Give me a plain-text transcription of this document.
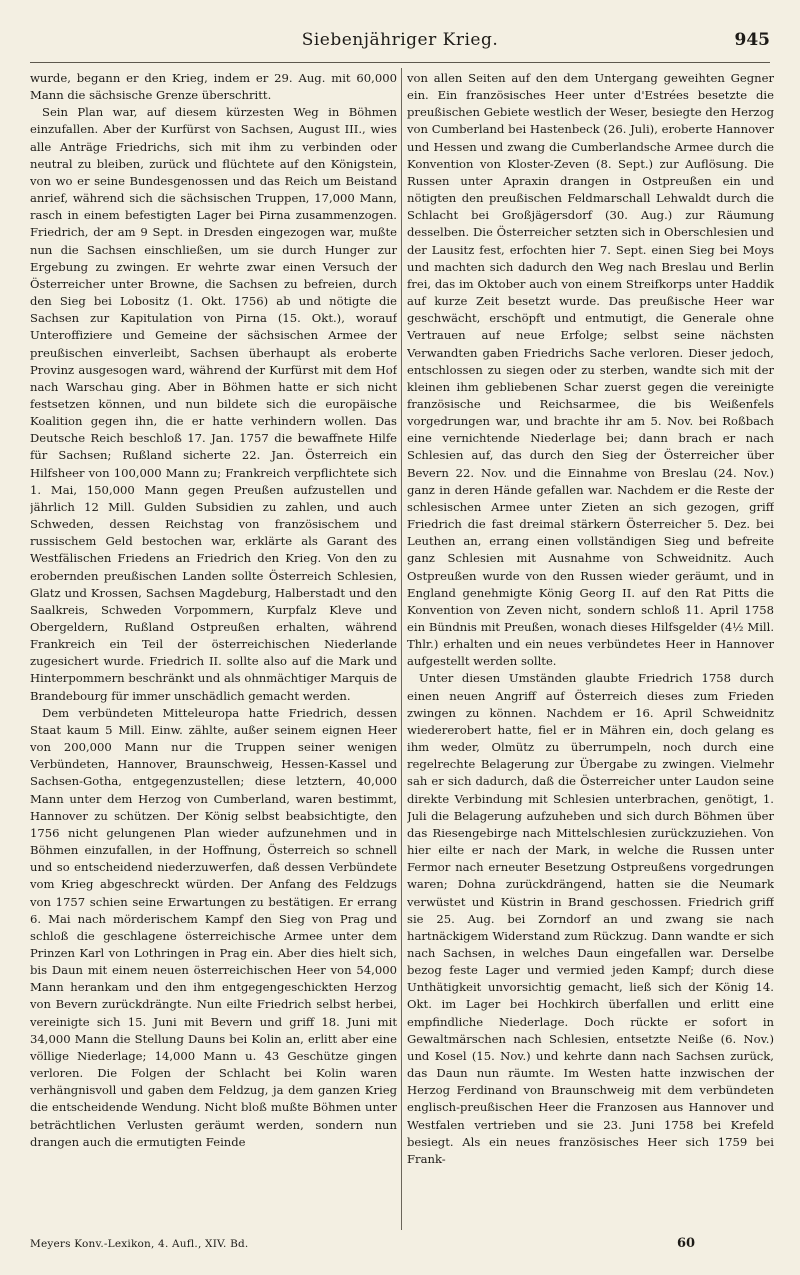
Siebenjähriger Krieg.	945

wurde, begann er den Krieg, indem er 29. Aug. mit 60,000 Mann die sächsische Grenze überschritt.

Sein Plan war, auf diesem kürzesten Weg in Böhmen einzufallen. Aber der Kurfürst von Sachsen, August III., wies alle Anträge Friedrichs, sich mit ihm zu verbinden oder neutral zu bleiben, zurück und flüchtete auf den Königstein, von wo er seine Bundesgenossen und das Reich um Beistand anrief, während sich die sächsischen Truppen, 17,000 Mann, rasch in einem befestigten Lager bei Pirna zusammenzogen. Friedrich, der am 9 Sept. in Dresden eingezogen war, mußte nun die Sachsen einschließen, um sie durch Hunger zur Ergebung zu zwingen. Er wehrte zwar einen Versuch der Österreicher unter Browne, die Sachsen zu befreien, durch den Sieg bei Lobositz (1. Okt. 1756) ab und nötigte die Sachsen zur Kapitulation von Pirna (15. Okt.), worauf Unteroffiziere und Gemeine der sächsischen Armee der preußischen einverleibt, Sachsen überhaupt als eroberte Provinz ausgesogen ward, während der Kurfürst mit dem Hof nach Warschau ging. Aber in Böhmen hatte er sich nicht festsetzen können, und nun bildete sich die europäische Koalition gegen ihn, die er hatte verhindern wollen. Das Deutsche Reich beschloß 17. Jan. 1757 die bewaffnete Hilfe für Sachsen; Rußland sicherte 22. Jan. Österreich ein Hilfsheer von 100,000 Mann zu; Frankreich verpflichtete sich 1. Mai, 150,000 Mann gegen Preußen aufzustellen und jährlich 12 Mill. Gulden Subsidien zu zahlen, und auch Schweden, dessen Reichstag von französischem und russischem Geld bestochen war, erklärte als Garant des Westfälischen Friedens an Friedrich den Krieg. Von den zu erobernden preußischen Landen sollte Österreich Schlesien, Glatz und Krossen, Sachsen Magdeburg, Halberstadt und den Saalkreis, Schweden Vorpommern, Kurpfalz Kleve und Obergeldern, Rußland Ostpreußen erhalten, während Frankreich ein Teil der österreichischen Niederlande zugesichert wurde. Friedrich II. sollte also auf die Mark und Hinterpommern beschränkt und als ohnmächtiger Marquis de Brandebourg für immer unschädlich gemacht werden.

Dem verbündeten Mitteleuropa hatte Friedrich, dessen Staat kaum 5 Mill. Einw. zählte, außer seinem eignen Heer von 200,000 Mann nur die Truppen seiner wenigen Verbündeten, Hannover, Braunschweig, Hessen-Kassel und Sachsen-Gotha, entgegenzustellen; diese letztern, 40,000 Mann unter dem Herzog von Cumberland, waren bestimmt, Hannover zu schützen. Der König selbst beabsichtigte, den 1756 nicht gelungenen Plan wieder aufzunehmen und in Böhmen einzufallen, in der Hoffnung, Österreich so schnell und so entscheidend niederzuwerfen, daß dessen Verbündete vom Krieg abgeschreckt würden. Der Anfang des Feldzugs von 1757 schien seine Erwartungen zu bestätigen. Er errang 6. Mai nach mörderischem Kampf den Sieg von Prag und schloß die geschlagene österreichische Armee unter dem Prinzen Karl von Lothringen in Prag ein. Aber dies hielt sich, bis Daun mit einem neuen österreichischen Heer von 54,000 Mann herankam und den ihm entgegengeschickten Herzog von Bevern zurückdrängte. Nun eilte Friedrich selbst herbei, vereinigte sich 15. Juni mit Bevern und griff 18. Juni mit 34,000 Mann die Stellung Dauns bei Kolin an, erlitt aber eine völlige Niederlage; 14,000 Mann u. 43 Geschütze gingen verloren. Die Folgen der Schlacht bei Kolin waren verhängnisvoll und gaben dem Feldzug, ja dem ganzen Krieg die entscheidende Wendung. Nicht bloß mußte Böhmen unter beträchtlichen Verlusten geräumt werden, sondern nun drangen auch die ermutigten Feinde

von allen Seiten auf den dem Untergang geweihten Gegner ein. Ein französisches Heer unter d'Estrées besetzte die preußischen Gebiete westlich der Weser, besiegte den Herzog von Cumberland bei Hastenbeck (26. Juli), eroberte Hannover und Hessen und zwang die Cumberlandsche Armee durch die Konvention von Kloster-Zeven (8. Sept.) zur Auflösung. Die Russen unter Apraxin drangen in Ostpreußen ein und nötigten den preußischen Feldmarschall Lehwaldt durch die Schlacht bei Großjägersdorf (30. Aug.) zur Räumung desselben. Die Österreicher setzten sich in Oberschlesien und der Lausitz fest, erfochten hier 7. Sept. einen Sieg bei Moys und machten sich dadurch den Weg nach Breslau und Berlin frei, das im Oktober auch von einem Streifkorps unter Haddik auf kurze Zeit besetzt wurde. Das preußische Heer war geschwächt, erschöpft und entmutigt, die Generale ohne Vertrauen auf neue Erfolge; selbst seine nächsten Verwandten gaben Friedrichs Sache verloren. Dieser jedoch, entschlossen zu siegen oder zu sterben, wandte sich mit der kleinen ihm gebliebenen Schar zuerst gegen die vereinigte französische und Reichsarmee, die bis Weißenfels vorgedrungen war, und brachte ihr am 5. Nov. bei Roßbach eine vernichtende Niederlage bei; dann brach er nach Schlesien auf, das durch den Sieg der Österreicher über Bevern 22. Nov. und die Einnahme von Breslau (24. Nov.) ganz in deren Hände gefallen war. Nachdem er die Reste der schlesischen Armee unter Zieten an sich gezogen, griff Friedrich die fast dreimal stärkern Österreicher 5. Dez. bei Leuthen an, errang einen vollständigen Sieg und befreite ganz Schlesien mit Ausnahme von Schweidnitz. Auch Ostpreußen wurde von den Russen wieder geräumt, und in England genehmigte König Georg II. auf den Rat Pitts die Konvention von Zeven nicht, sondern schloß 11. April 1758 ein Bündnis mit Preußen, wonach dieses Hilfsgelder (4½ Mill. Thlr.) erhalten und ein neues verbündetes Heer in Hannover aufgestellt werden sollte.

Unter diesen Umständen glaubte Friedrich 1758 durch einen neuen Angriff auf Österreich dieses zum Frieden zwingen zu können. Nachdem er 16. April Schweidnitz wiedererobert hatte, fiel er in Mähren ein, doch gelang es ihm weder, Olmütz zu überrumpeln, noch durch eine regelrechte Belagerung zur Übergabe zu zwingen. Vielmehr sah er sich dadurch, daß die Österreicher unter Laudon seine direkte Verbindung mit Schlesien unterbrachen, genötigt, 1. Juli die Belagerung aufzuheben und sich durch Böhmen über das Riesengebirge nach Mittelschlesien zurückzuziehen. Von hier eilte er nach der Mark, in welche die Russen unter Fermor nach erneuter Besetzung Ostpreußens vorgedrungen waren; Dohna zurückdrängend, hatten sie die Neumark verwüstet und Küstrin in Brand geschossen. Friedrich griff sie 25. Aug. bei Zorndorf an und zwang sie nach hartnäckigem Widerstand zum Rückzug. Dann wandte er sich nach Sachsen, in welches Daun eingefallen war. Derselbe bezog feste Lager und vermied jeden Kampf; durch diese Unthätigkeit unvorsichtig gemacht, ließ sich der König 14. Okt. im Lager bei Hochkirch überfallen und erlitt eine empfindliche Niederlage. Doch rückte er sofort in Gewaltmärschen nach Schlesien, entsetzte Neiße (6. Nov.) und Kosel (15. Nov.) und kehrte dann nach Sachsen zurück, das Daun nun räumte. Im Westen hatte inzwischen der Herzog Ferdinand von Braunschweig mit dem verbündeten englisch-preußischen Heer die Franzosen aus Hannover und Westfalen vertrieben und sie 23. Juni 1758 bei Krefeld besiegt. Als ein neues französisches Heer sich 1759 bei Frank-

Meyers Konv.-Lexikon, 4. Aufl., XIV. Bd.	60
